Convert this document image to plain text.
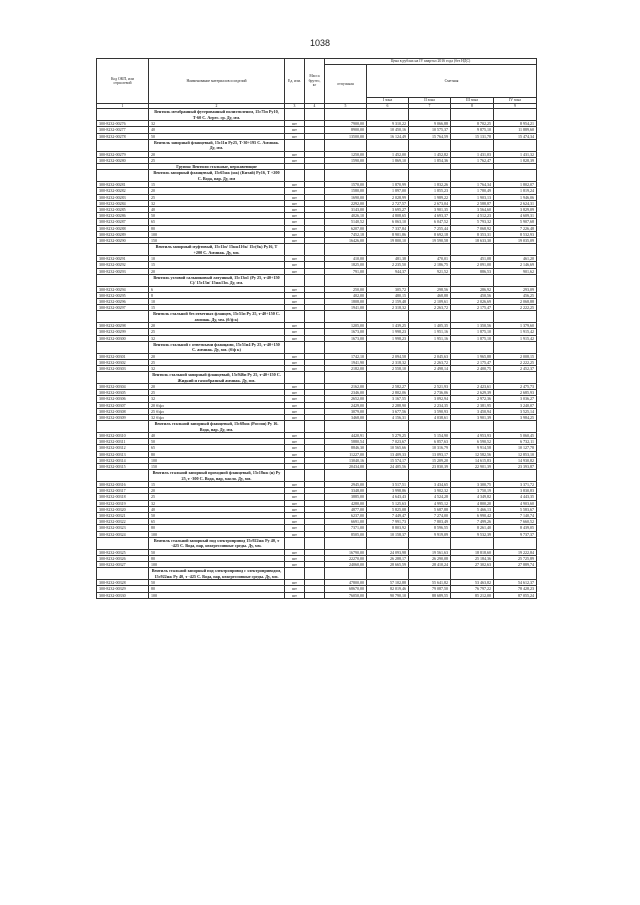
1038
Код ОКП, или
отраслевой	Наименование материалов и изделий	Ед. изм.	Масса брутто, кг	Цена в рублях на IV квартал 2016 года (без НДС)				
				отпускная	Сметная			
					I зона	II зона	III зона	IV зона
1	2	3	4	5	6	7	8	9
	Вентиль мембранный футерованный полиэтиленом, 15с75п Ру10, Т-60 С. Агрес. ср. Ду, мм.							
300-8232-00276	32	шт		7900,00	9 310,22	9 066,88	8 702,25	8 954,21
300-8232-00277	40	шт		8900,00	10 450,16	10 575,37	9 875,10	11 889,60
300-8232-00278	50	шт		13500,00	16 124,49	15 764,59	15 131,78	15 474,34
	Вентиль запорный фланцевый, 15с11п Ру25, Т-30+195 С. Аммиак. Ду, мм.							
300-8232-00279	20	шт		1250,00	1 452,00	1 452,82	1 431,03	1 431,32
300-8232-00280	25	шт		1590,00	1 869,10	1 854,36	1 762,47	1 828,39
	Группа: Вентили стальные, нержавеющие							
	Вентиль запорный фланцевый, 15с65нж (нж) (Китай) Ру16, Т +200 С. Вода, пар. Ду, мм							
300-8232-00281	15	шт		1570,00	1 870,99	1 832,26	1 764,34	1 802,07
300-8232-00282	20	шт		1580,00	1 897,00	1 855,23	1 780,49	1 819,24
300-8232-00283	25	шт		1690,00	2 028,99	1 989,22	1 903,13	1 946,06
300-8232-00284	32	шт		2292,00	2 727,57	2 673,04	2 588,87	2 624,31
300-8232-00285	40	шт		3143,00	3 695,27	3 901,35	3 564,60	3 829,09
300-8232-00286	50	шт		4026,10	4 808,65	4 693,37	4 512,23	4 609,31
300-8232-00287	65	шт		5140,52	6 063,10	6 047,52	5 793,32	5 907,68
300-8232-00288	80	шт		6207,00	7 337,84	7 255,44	7 068,92	7 226,48
300-8232-00289	100	шт		7452,18	8 901,86	8 692,18	8 353,31	8 532,93
300-8232-00290	150	шт		16426,00	19 800,10	19 590,58	18 633,30	19 035,09
	Вентиль запорный муфтовый, 15с11п/ 15нж11бк/ 15с(бк) Ру16, Т +200 С. Аммиак. Ду, мм.							
300-8232-00291	10	шт		410,00	481,38	470,01	451,08	461,20
300-8232-00292	15	шт		1825,00	2 235,50	2 186,75	2 091,00	2 146,69
300-8232-00293	20	шт		791,00	944,37	921,52	886,53	901,62
	Вентиль угловой сальниковый латунный, 15с13п1 (Ру 25, т-40+150 С)/ 15с13п/ 15нж13п. Ду, мм.							
300-8232-00294	6	шт		250,00	305,72	298,56	286,92	293,09
300-8232-00295	8	шт		402,00	480,15	468,88	450,56	456,25
300-8232-00296	10	шт		1808,00	2 159,48	2 109,61	2 026,69	2 068,88
300-8232-00297	15	шт		1941,00	2 318,32	2 263,72	2 175,47	2 222,25
	Вентиль стальной без ответных фланцев, 15с51п Ру 25, т-40+150 С. аммиак. Ду, мм. (б/ф к)							
300-8232-00298	20	шт		1205,00	1 439,25	1 405,35	1 350,56	1 379,60
300-8232-00299	25	шт		1673,00	1 998,23	1 951,16	1 875,10	1 915,42
300-8232-00300	32	шт		1673,00	1 998,23	1 951,16	1 875,10	1 915,42
	Вентиль стальной с ответными фланцами, 15с51п4 Ру 25, т-40+150 С. аммиак. Ду, мм. (б/ф к)							
300-8232-00301	20	шт		1742,10	2 094,58	2 045,63	1 965,88	2 008,15
300-8232-00302	25	шт		1941,90	2 318,32	2 263,72	2 175,47	2 222,25
300-8232-00303	32	шт		2182,00	2 558,10	2 498,14	2 400,75	2 452,37
	Вентиль стальной запорный фланцевый, 15с946п Ру 25, т-40+150 С. Жидкий и газообразный аммиак. Ду, мм.							
300-8232-00304	20	шт		2162,00	2 582,27	2 521,93	2 423,61	2 475,73
300-8232-00305	25	шт		2346,00	2 802,06	2 736,06	2 629,39	2 685,93
300-8232-00306	32	шт		2652,00	3 167,55	3 092,94	2 972,36	3 036,27
300-8232-00307	20 б/фл	шт		2429,00	2 288,90	2 234,35	2 381,95	3 240,07
300-8232-00308	25 б/фл	шт		3079,00	3 677,56	3 590,93	3 450,94	3 525,14
300-8232-00309	32 б/фл	шт		3468,00	4 156,31	4 038,61	3 901,39	3 984,25
	Вентиль стальной запорный фланцевый, 15с68нж (Россия) Ру 16. Вода, пар. Ду, мм.							
300-8232-00310	40	шт		4420,91	5 279,25	5 154,90	4 953,93	5 060,45
300-8232-00311	50	шт		5880,54	7 023,67	6 857,63	6 590,52	6 732,11
300-8232-00312	65	шт		8846,30	10 565,66	10 316,79	9 914,58	10 127,78
300-8232-00313	80	шт		11227,00	13 409,33	13 093,17	12 582,56	12 853,10
300-8232-00314	100	шт		13040,16	15 574,17	15 209,20	14 615,83	14 930,82
300-8232-00315	150	шт		20434,00	24 405,56	23 830,39	22 901,39	23 393,87
	Вентиль стальной запорный проходной фланцевый, 15с18нж (н) Ру 25, т -300 С. Вода, пар, масло. Ду, мм.							
300-8232-00316	15	шт		2945,00	3 517,51	3 434,65	3 300,75	3 371,72
300-8232-00317	20	шт		3348,00	3 998,86	3 902,32	3 750,19	3 830,83
300-8232-00318	25	шт		3885,00	4 643,43	4 524,28	4 349,82	4 443,35
300-8232-00319	32	шт		4280,00	5 125,63	4 995,12	4 800,20	4 903,60
300-8232-00320	40	шт		4877,00	5 825,08	5 687,88	5 466,13	5 583,67
300-8232-00321	50	шт		6237,00	7 449,47	7 274,00	6 990,42	7 140,74
300-8232-00322	65	шт		6691,00	7 991,73	7 803,49	7 499,26	7 660,52
300-8232-00323	80	шт		7371,00	8 803,92	8 596,55	8 261,40	8 439,05
300-8232-00324	100	шт		8505,00	10 158,37	9 919,09	9 532,39	9 737,37
	Вентиль стальной запорный под электропривод 15с922нж Ру 40, т -425 С. Вода, пар, неагрессивные среды. Ду, мм.							
300-8232-00325	50	шт		16790,00	24 093,98	19 561,63	18 818,60	19 222,84
300-8232-00326	80	шт		22270,00	26 288,17	26 290,08	25 184,36	25 725,89
300-8232-00327	100	шт		24060,00	28 665,59	28 410,24	27 302,63	27 889,74
	Вентиль стальной запорный под электропривод с электроприводом, 15с922нж Ру 40, т -425 С. Вода, пар, неагрессивные среды. Ду, мм.							
300-8232-00328	50	шт		47800,00	57 102,88	55 641,82	53 463,82	54 612,37
300-8232-00329	80	шт		68670,00	82 019,46	79 087,50	76 797,22	78 428,23
300-8232-00330	100	шт		76050,00	90 790,10	88 689,55	85 212,00	87 055,24
